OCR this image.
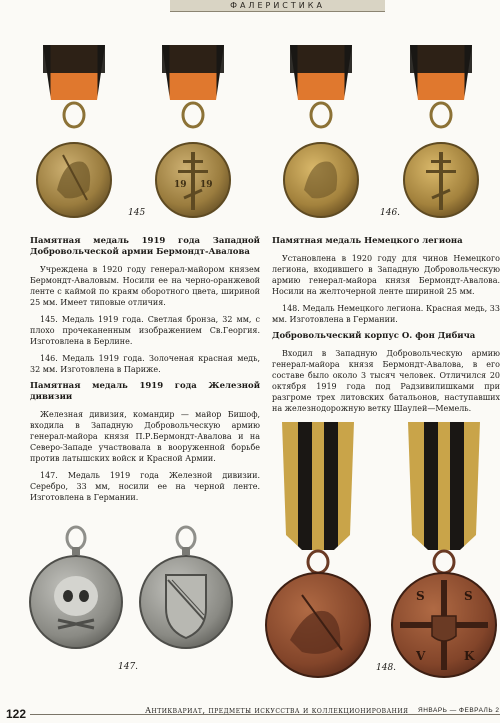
ФАЛЕРИСТИКА
19 19
145	146.
Памятная медаль 1919 года Западной Добровольческой армии Бермондт-Авалова

Учреждена в 1920 году генерал-майором князем Бермондт-Аваловым. Носили ее на черно-оранжевой ленте с каймой по краям оборотного цвета, шириной 25 мм. Имеет типовые отличия.

145. Медаль 1919 года. Светлая бронза, 32 мм, с плохо прочеканенным изображением Св.Георгия. Изготовлена в Берлине.

146. Медаль 1919 года. Золоченая красная медь, 32 мм. Изготовлена в Париже.

Памятная медаль 1919 года Железной дивизии

Железная дивизия, командир — майор Бишоф, входила в Западную Добровольческую армию генерал-майора князя П.Р.Бермондт-Авалова и на Северо-Западе участвовала в вооруженной борьбе против латышских войск и Красной Армии.

147. Медаль 1919 года Железной дивизии. Серебро, 33 мм, носили ее на черной ленте. Изготовлена в Германии.

Памятная медаль Немецкого легиона

Установлена в 1920 году для чинов Немецкого легиона, входившего в Западную Добровольческую армию генерал-майора князя Бермондт-Авалова. Носили на желточерной ленте шириной 25 мм.

148. Медаль Немецкого легиона. Красная медь, 33 мм. Изготовлена в Германии.

Добровольческий корпус О. фон Дибича

Входил в Западную Добровольческую армию генерал-майора князя Бермондт-Авалова, в его составе было около 3 тысяч человек. Отличился 20 октября 1919 года под Радзивилишками при разгроме трех литовских батальонов, наступавших на железнодорожную ветку Шаулей—Мемель.

147.
S	S
V	K
148.
122	Антиквариат, предметы искусства и коллекционирования ЯНВАРЬ — ФЕВРАЛЬ 2
